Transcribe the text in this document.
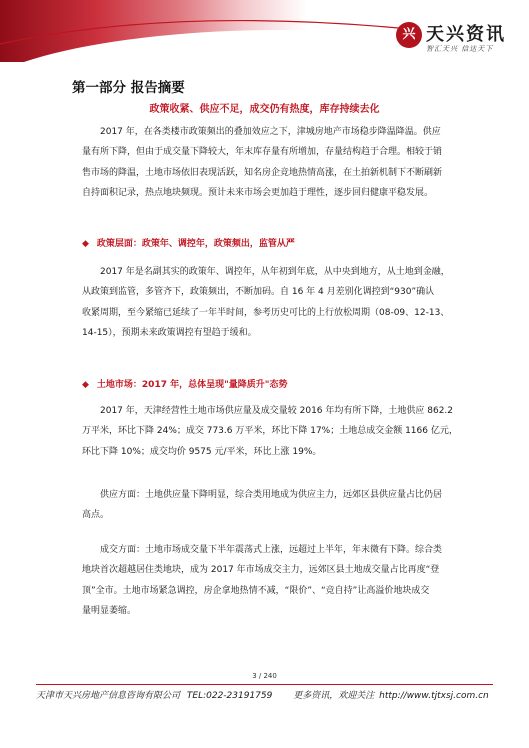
兴 天兴资讯
智汇天兴 信达天下
第一部分 报告摘要
政策收紧、供应不足，成交仍有热度，库存持续去化
2017 年，在各类楼市政策频出的叠加效应之下，津城房地产市场稳步降温降温。供应
量有所下降，但由于成交量下降较大，年末库存量有所增加，存量结构趋于合理。相较于销
售市场的降温，土地市场依旧表现活跃，知名房企竞地热情高涨，在土拍新机制下不断刷新
自持面积记录，热点地块频现。预计未来市场会更加趋于理性，逐步回归健康平稳发展。
◆ 政策层面：政策年、调控年，政策频出，监管从严
2017 年是名副其实的政策年、调控年，从年初到年底，从中央到地方，从土地到金融，
从政策到监管，多管齐下，政策频出，不断加码。自 16 年 4 月差别化调控到“930”确认
收紧周期，至今紧缩已延续了一年半时间，参考历史可比的上行放松周期（08-09、12-13、
14-15），预期未来政策调控有望趋于缓和。
◆ 土地市场：2017 年，总体呈现"量降质升"态势
2017 年，天津经营性土地市场供应量及成交量较 2016 年均有所下降，土地供应 862.2
万平米，环比下降 24%；成交 773.6 万平米，环比下降 17%；土地总成交金额 1166 亿元，
环比下降 10%；成交均价 9575 元/平米，环比上涨 19%。
供应方面：土地供应量下降明显，综合类用地成为供应主力，远郊区县供应量占比仍居
高点。
成交方面：土地市场成交量下半年震荡式上涨，远超过上半年，年末微有下降。综合类
地块首次超越居住类地块，成为 2017 年市场成交主力，远郊区县土地成交量占比再度“登
顶”全市。土地市场紧急调控，房企拿地热情不减，“限价”、“竞自持”让高溢价地块成交
量明显萎缩。
3 / 240
天津市天兴房地产信息咨询有限公司 TEL:022-23191759 更多资讯，欢迎关注 http://www.tjtxsj.com.cn
